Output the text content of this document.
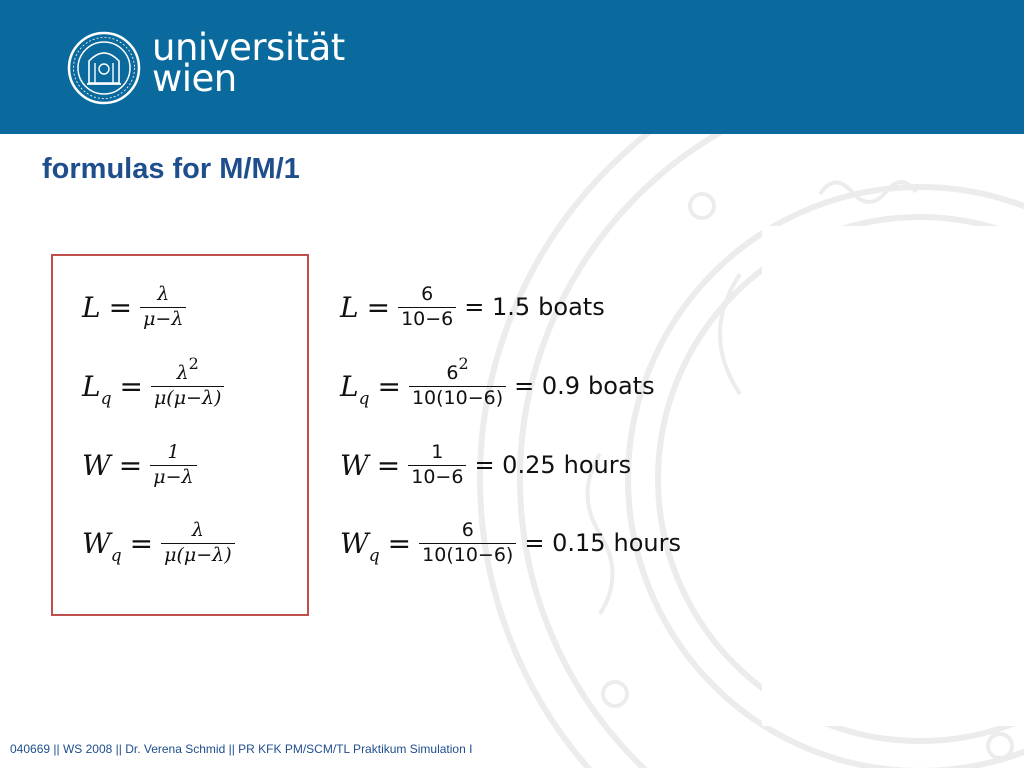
universität
wien
formulas for M/M/1
$L = \frac{\lambda}{\mu-\lambda}$
$L_q = \frac{\lambda^2}{\mu(\mu-\lambda)}$
$W = \frac{1}{\mu-\lambda}$
$W_q = \frac{\lambda}{\mu(\mu-\lambda)}$
$L = \frac{6}{10-6} = 1.5$ boats
$L_q = \frac{6^2}{10(10-6)} = 0.9$ boats
$W = \frac{1}{10-6} = 0.25$ hours
$W_q = \frac{6}{10(10-6)} = 0.15$ hours

040669 || WS 2008 || Dr. Verena Schmid || PR KFK PM/SCM/TL Praktikum Simulation I
